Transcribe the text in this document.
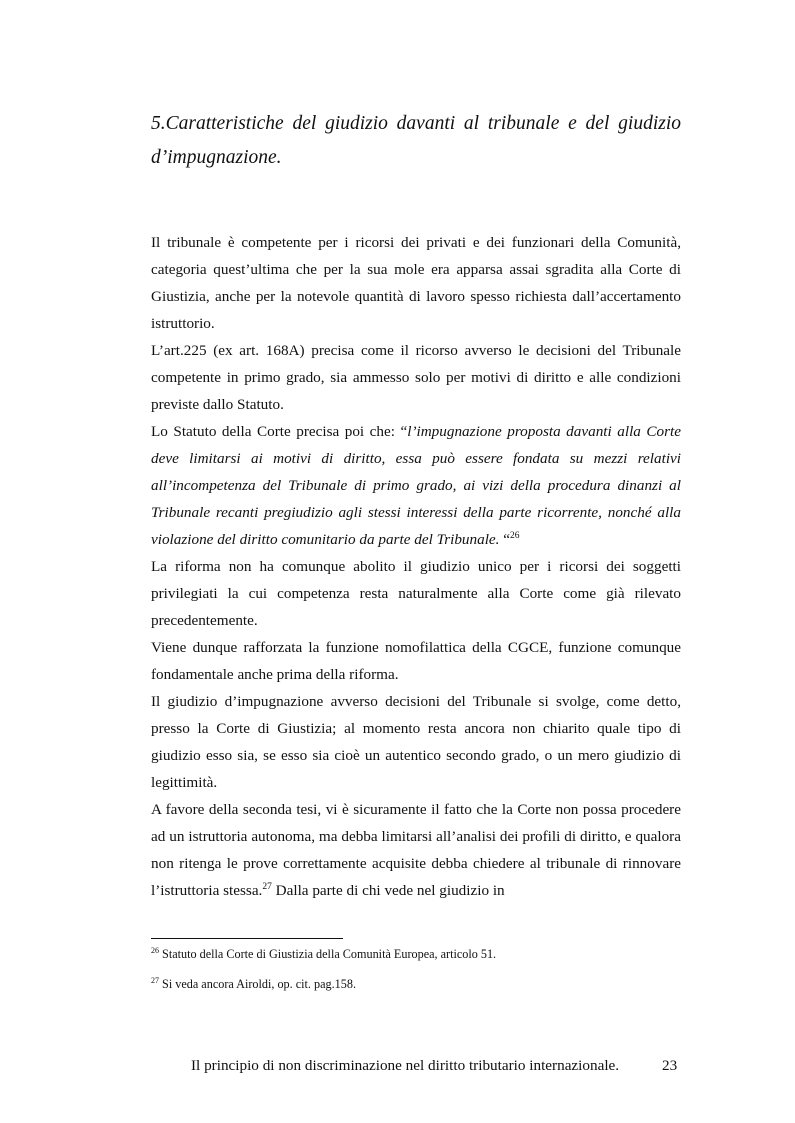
5.Caratteristiche del giudizio davanti al tribunale e del giudizio d’impugnazione.

Il tribunale è competente per i ricorsi dei privati e dei funzionari della Comunità, categoria quest’ultima che per la sua mole era apparsa assai sgradita alla Corte di Giustizia, anche per la notevole quantità di lavoro spesso richiesta dall’accertamento istruttorio.

L’art.225 (ex art. 168A) precisa come il ricorso avverso le decisioni del Tribunale competente in primo grado, sia ammesso solo per motivi di diritto e alle condizioni previste dallo Statuto.

Lo Statuto della Corte precisa poi che: “l’impugnazione proposta davanti alla Corte deve limitarsi ai motivi di diritto, essa può essere fondata su mezzi relativi all’incompetenza del Tribunale di primo grado, ai vizi della procedura dinanzi al Tribunale recanti pregiudizio agli stessi interessi della parte ricorrente, nonché alla violazione del diritto comunitario da parte del Tribunale. “$^{26}$

La riforma non ha comunque abolito il giudizio unico per i ricorsi dei soggetti privilegiati la cui competenza resta naturalmente alla Corte come già rilevato precedentemente.

Viene dunque rafforzata la funzione nomofilattica della CGCE, funzione comunque fondamentale anche prima della riforma.

Il giudizio d’impugnazione avverso decisioni del Tribunale si svolge, come detto, presso la Corte di Giustizia; al momento resta ancora non chiarito quale tipo di giudizio esso sia, se esso sia cioè un autentico secondo grado, o un mero giudizio di legittimità.

A favore della seconda tesi, vi è sicuramente il fatto che la Corte non possa procedere ad un istruttoria autonoma, ma debba limitarsi all’analisi dei profili di diritto, e qualora non ritenga le prove correttamente acquisite debba chiedere al tribunale di rinnovare l’istruttoria stessa.$^{27}$ Dalla parte di chi vede nel giudizio in

$^{26}$ Statuto della Corte di Giustizia della Comunità Europea, articolo 51.
$^{27}$ Si veda ancora Airoldi, op. cit. pag.158.
Il principio di non discriminazione nel diritto tributario internazionale.	23
